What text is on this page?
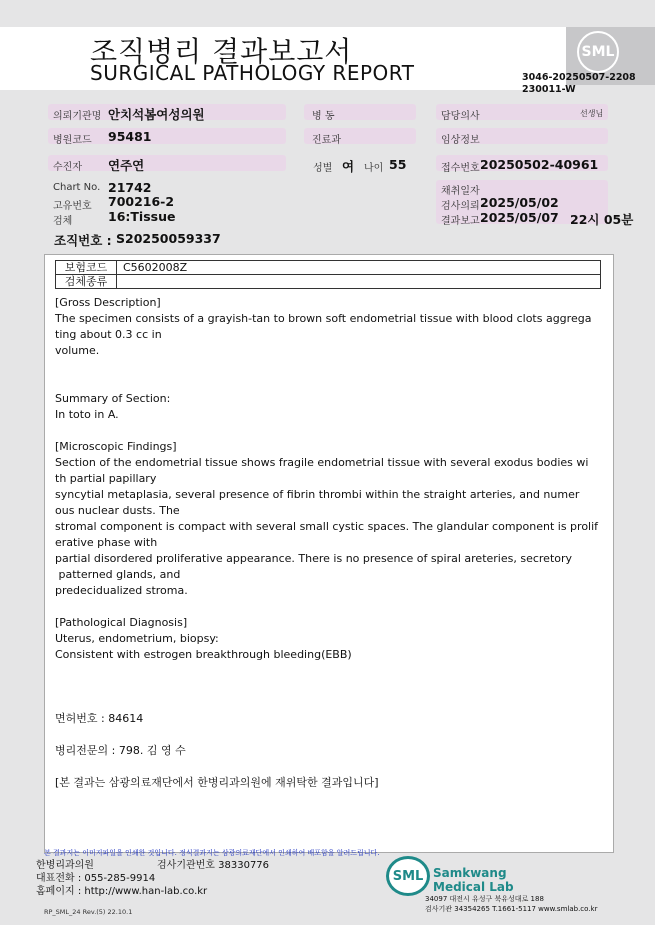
SML
조직병리 결과보고서
SURGICAL PATHOLOGY REPORT	3046-20250507-2208
230011-W
의뢰기관명 안치석봄여성의원	병 동	담당의사	선생님
병원코드 95481	진료과	임상정보
수진자 연주연	성별 여 나이 55	접수번호 20250502-40961
Chart No. 21742
고유번호 700216-2
검체	16:Tissue
채취일자
검사의뢰 2025/05/02
결과보고 2025/05/07 22시 05분
조직번호 : S20250059337
보험코드	C5602008Z
검체종류	
[Gross Description]
The specimen consists of a grayish-tan to brown soft endometrial tissue with blood clots aggrega
ting about 0.3 cc in
volume.

Summary of Section:
In toto in A.

[Microscopic Findings]
Section of the endometrial tissue shows fragile endometrial tissue with several exodus bodies wi
th partial papillary
syncytial metaplasia, several presence of fibrin thrombi within the straight arteries, and numer
ous nuclear dusts. The
stromal component is compact with several small cystic spaces. The glandular component is prolif
erative phase with
partial disordered proliferative appearance. There is no presence of spiral areteries, secretory
patterned glands, and
predecidualized stroma.

[Pathological Diagnosis]
Uterus, endometrium, biopsy:
Consistent with estrogen breakthrough bleeding(EBB)

면허번호 : 84614

병리전문의 : 798. 김 영 수

[본 결과는 삼광의료재단에서 한병리과의원에 재위탁한 결과입니다]
본 결과지는 이미지파일을 인쇄한 것입니다. 정식결과지는 삼광의료재단에서 인쇄하여 배포함을 알려드립니다.
한병리과의원	검사기관번호 38330776
대표전화 : 055-285-9914
홈페이지 : http://www.han-lab.co.kr
SML Samkwang
Medical Lab
34097 대전시 유성구 북유성대로 188
검사기관 34354265 T.1661-5117 www.smlab.co.kr
RP_SML_24 Rev.(5) 22.10.1
